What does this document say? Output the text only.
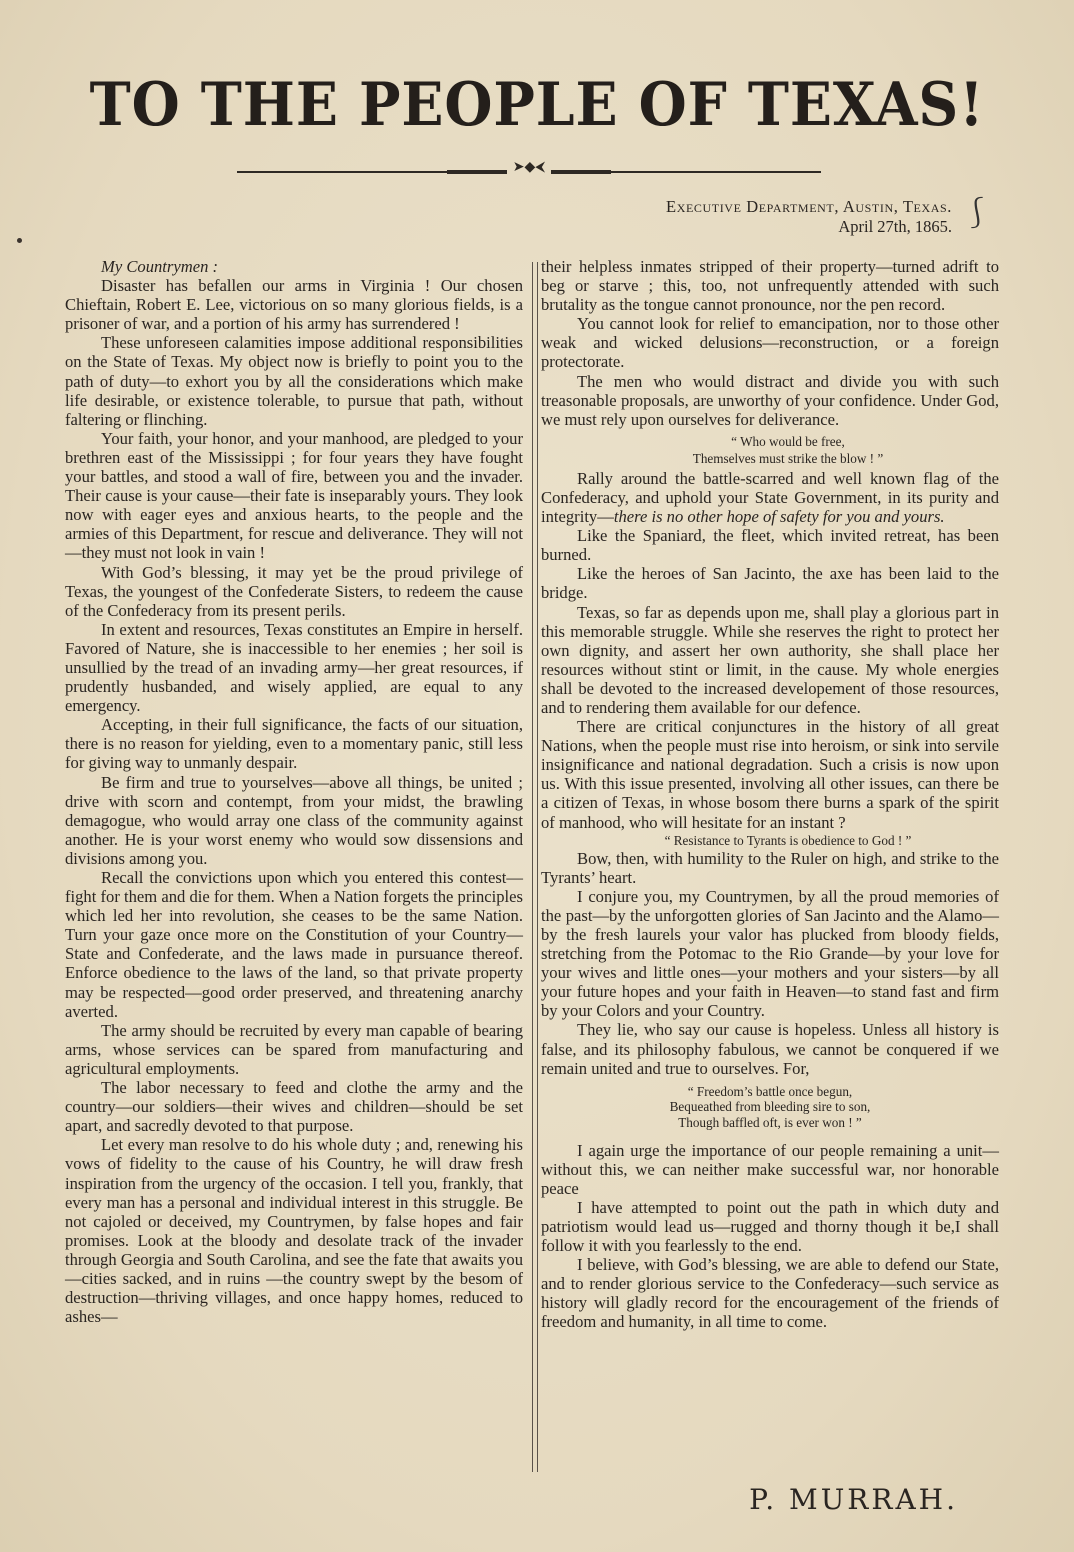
TO THE PEOPLE OF TEXAS!
➤◆⮜
Executive Department, Austin, Texas.
April 27th, 1865. ⎰

My Countrymen :

Disaster has befallen our arms in Virginia ! Our chosen Chieftain, Robert E. Lee, victorious on so many glorious fields, is a prisoner of war, and a portion of his army has surrendered !

These unforeseen calamities impose additional responsibilities on the State of Texas. My object now is briefly to point you to the path of duty—to exhort you by all the considerations which make life desirable, or existence tolerable, to pursue that path, without faltering or flinching.

Your faith, your honor, and your manhood, are pledged to your brethren east of the Mississippi ; for four years they have fought your battles, and stood a wall of fire, between you and the invader. Their cause is your cause—their fate is inseparably yours. They look now with eager eyes and anxious hearts, to the people and the armies of this Department, for rescue and deliverance. They will not—they must not look in vain !

With God’s blessing, it may yet be the proud privilege of Texas, the youngest of the Confederate Sisters, to redeem the cause of the Confederacy from its present perils.

In extent and resources, Texas constitutes an Empire in herself. Favored of Nature, she is inaccessible to her enemies ; her soil is unsullied by the tread of an invading army—her great resources, if prudently husbanded, and wisely applied, are equal to any emergency.

Accepting, in their full significance, the facts of our situation, there is no reason for yielding, even to a momentary panic, still less for giving way to unmanly despair.

Be firm and true to yourselves—above all things, be united ; drive with scorn and contempt, from your midst, the brawling demagogue, who would array one class of the community against another. He is your worst enemy who would sow dissensions and divisions among you.

Recall the convictions upon which you entered this contest—fight for them and die for them. When a Nation forgets the principles which led her into revolution, she ceases to be the same Nation. Turn your gaze once more on the Constitution of your Country—State and Confederate, and the laws made in pursuance thereof. Enforce obedience to the laws of the land, so that private property may be respected—good order preserved, and threatening anarchy averted.

The army should be recruited by every man capable of bearing arms, whose services can be spared from manufacturing and agricultural employments.

The labor necessary to feed and clothe the army and the country—our soldiers—their wives and children—should be set apart, and sacredly devoted to that purpose.

Let every man resolve to do his whole duty ; and, renewing his vows of fidelity to the cause of his Country, he will draw fresh inspiration from the urgency of the occasion. I tell you, frankly, that every man has a personal and individual interest in this struggle. Be not cajoled or deceived, my Countrymen, by false hopes and fair promises. Look at the bloody and desolate track of the invader through Georgia and South Carolina, and see the fate that awaits you—cities sacked, and in ruins —the country swept by the besom of destruction—thriving villages, and once happy homes, reduced to ashes—

their helpless inmates stripped of their property—turned adrift to beg or starve ; this, too, not unfrequently attended with such brutality as the tongue cannot pronounce, nor the pen record.

You cannot look for relief to emancipation, nor to those other weak and wicked delusions—reconstruction, or a foreign protectorate.

The men who would distract and divide you with such treasonable proposals, are unworthy of your confidence. Under God, we must rely upon ourselves for deliverance.

“ Who would be free,

Themselves must strike the blow ! ”

Rally around the battle-scarred and well known flag of the Confederacy, and uphold your State Government, in its purity and integrity—there is no other hope of safety for you and yours.

Like the Spaniard, the fleet, which invited retreat, has been burned.

Like the heroes of San Jacinto, the axe has been laid to the bridge.

Texas, so far as depends upon me, shall play a glorious part in this memorable struggle. While she reserves the right to protect her own dignity, and assert her own authority, she shall place her resources without stint or limit, in the cause. My whole energies shall be devoted to the increased developement of those resources, and to rendering them available for our defence.

There are critical conjunctures in the history of all great Nations, when the people must rise into heroism, or sink into servile insignificance and national degradation. Such a crisis is now upon us. With this issue presented, involving all other issues, can there be a citizen of Texas, in whose bosom there burns a spark of the spirit of manhood, who will hesitate for an instant ?

“ Resistance to Tyrants is obedience to God ! ”

Bow, then, with humility to the Ruler on high, and strike to the Tyrants’ heart.

I conjure you, my Countrymen, by all the proud memories of the past—by the unforgotten glories of San Jacinto and the Alamo—by the fresh laurels your valor has plucked from bloody fields, stretching from the Potomac to the Rio Grande—by your love for your wives and little ones—your mothers and your sisters—by all your future hopes and your faith in Heaven—to stand fast and firm by your Colors and your Country.

They lie, who say our cause is hopeless. Unless all history is false, and its philosophy fabulous, we cannot be conquered if we remain united and true to ourselves. For,

“ Freedom’s battle once begun,
Bequeathed from bleeding sire to son,
Though baffled oft, is ever won ! ”

I again urge the importance of our people remaining a unit—without this, we can neither make successful war, nor honorable peace

I have attempted to point out the path in which duty and patriotism would lead us—rugged and thorny though it be,I shall follow it with you fearlessly to the end.

I believe, with God’s blessing, we are able to defend our State, and to render glorious service to the Confederacy—such service as history will gladly record for the encouragement of the friends of freedom and humanity, in all time to come.

P. MURRAH.
